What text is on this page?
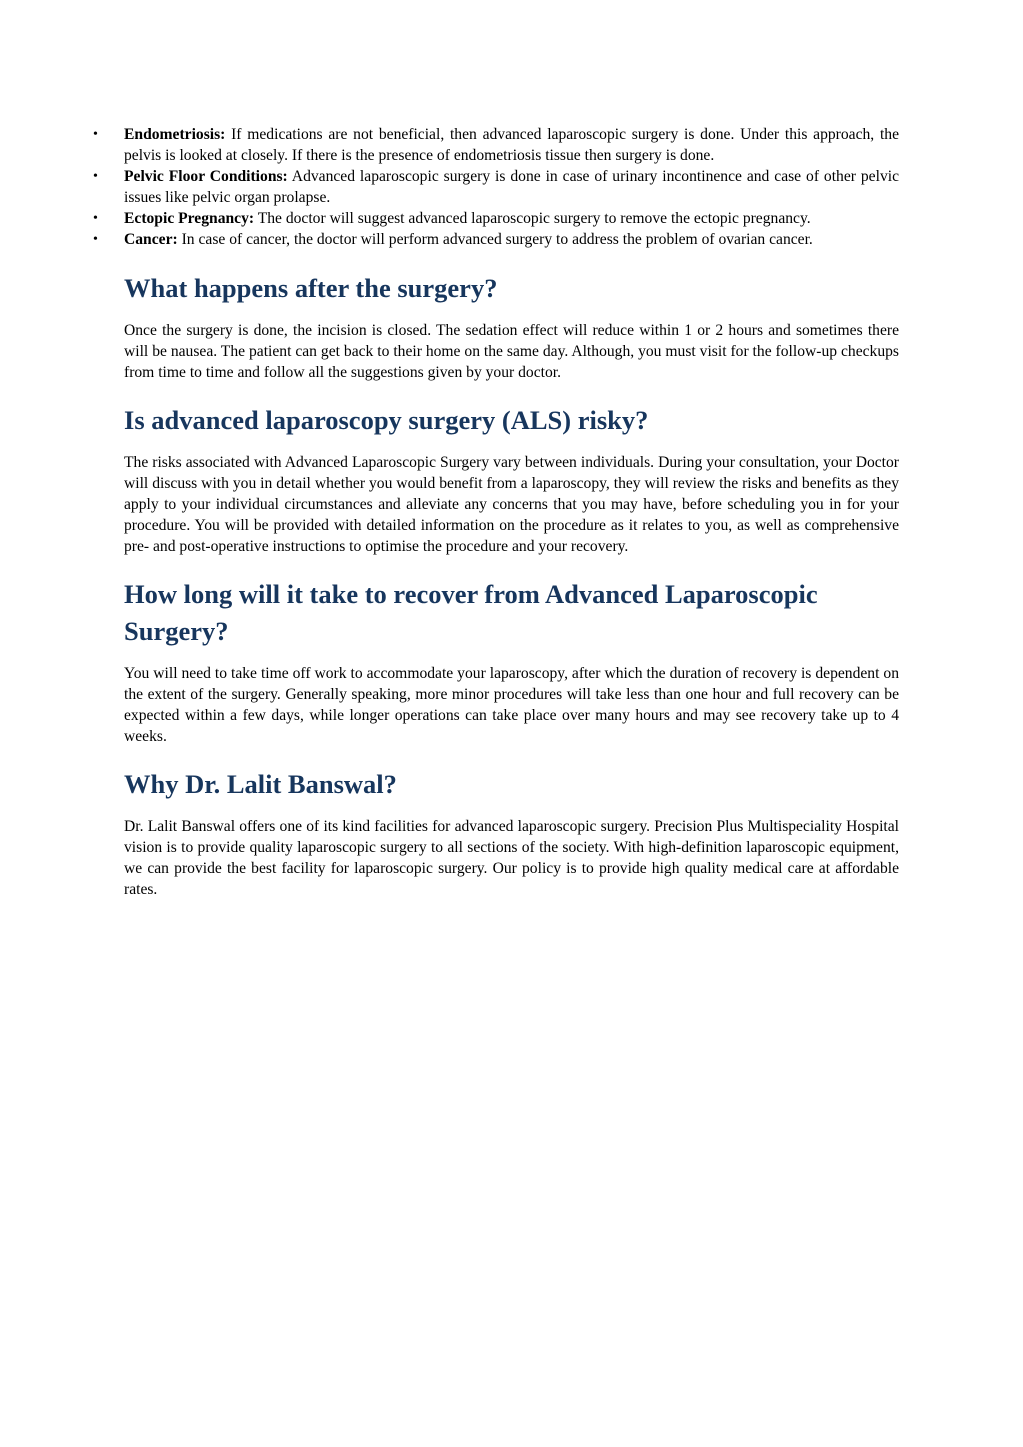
• Endometriosis: If medications are not beneficial, then advanced laparoscopic surgery is done. Under this approach, the pelvis is looked at closely. If there is the presence of endometriosis tissue then surgery is done.
• Pelvic Floor Conditions: Advanced laparoscopic surgery is done in case of urinary incontinence and case of other pelvic issues like pelvic organ prolapse.
• Ectopic Pregnancy: The doctor will suggest advanced laparoscopic surgery to remove the ectopic pregnancy.
• Cancer: In case of cancer, the doctor will perform advanced surgery to address the problem of ovarian cancer.
What happens after the surgery?

Once the surgery is done, the incision is closed. The sedation effect will reduce within 1 or 2 hours and sometimes there will be nausea. The patient can get back to their home on the same day. Although, you must visit for the follow-up checkups from time to time and follow all the suggestions given by your doctor.

Is advanced laparoscopy surgery (ALS) risky?

The risks associated with Advanced Laparoscopic Surgery vary between individuals. During your consultation, your Doctor will discuss with you in detail whether you would benefit from a laparoscopy, they will review the risks and benefits as they apply to your individual circumstances and alleviate any concerns that you may have, before scheduling you in for your procedure. You will be provided with detailed information on the procedure as it relates to you, as well as comprehensive pre- and post-operative instructions to optimise the procedure and your recovery.

How long will it take to recover from Advanced Laparoscopic Surgery?

You will need to take time off work to accommodate your laparoscopy, after which the duration of recovery is dependent on the extent of the surgery. Generally speaking, more minor procedures will take less than one hour and full recovery can be expected within a few days, while longer operations can take place over many hours and may see recovery take up to 4 weeks.

Why Dr. Lalit Banswal?

Dr. Lalit Banswal offers one of its kind facilities for advanced laparoscopic surgery. Precision Plus Multispeciality Hospital vision is to provide quality laparoscopic surgery to all sections of the society. With high-definition laparoscopic equipment, we can provide the best facility for laparoscopic surgery. Our policy is to provide high quality medical care at affordable rates.
